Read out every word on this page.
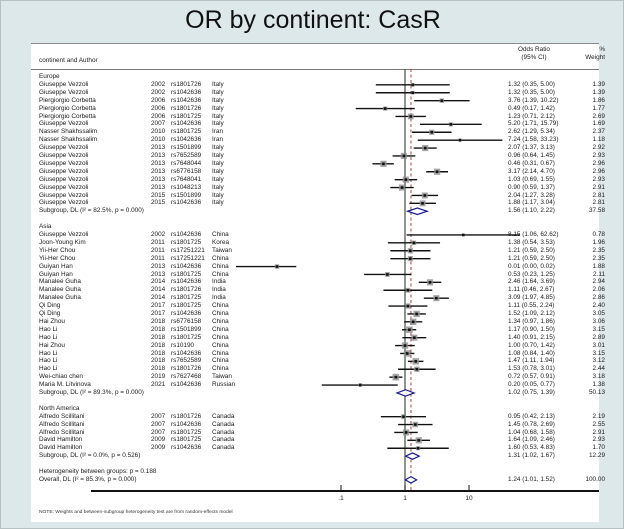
OR by continent: CasR
continent and Author
Odds Ratio
(95% CI)
%
Weight
.1	1	10
Europe
Giuseppe Vezzoli	2002 rs1801726 Italy	1.32 (0.35, 5.00)	1.39
Giuseppe Vezzoli	2002 rs1042636 Italy	1.32 (0.35, 5.00)	1.39
Piergiorgio Corbetta	2006 rs1042636 Italy	3.76 (1.39, 10.22)	1.86
Piergiorgio Corbetta	2006 rs1801726 Italy	0.49 (0.17, 1.42)	1.77
Piergiorgio Corbetta	2006 rs1801725 Italy	1.23 (0.71, 2.12)	2.69
Giuseppe Vezzoli	2007 rs1042636 Italy	5.20 (1.71, 15.79)	1.69
Nasser Shakhssalim	2010 rs1801725 Iran	2.62 (1.29, 5.34)	2.37
Nasser Shakhssalim	2010 rs1042636 Iran	7.24 (1.58, 33.23)	1.18
Giuseppe Vezzoli	2013 rs1501899 Italy	2.07 (1.37, 3.13)	2.92
Giuseppe Vezzoli	2013 rs7652589 Italy	0.96 (0.64, 1.45)	2.93
Giuseppe Vezzoli	2013 rs7648044 Italy	0.46 (0.31, 0.67)	2.96
Giuseppe Vezzoli	2013 rs6776158 Italy	3.17 (2.14, 4.70)	2.96
Giuseppe Vezzoli	2013 rs7648041 Italy	1.03 (0.69, 1.55)	2.93
Giuseppe Vezzoli	2013 rs1048213 Italy	0.90 (0.59, 1.37)	2.91
Giuseppe Vezzoli	2015 rs1501899 Italy	2.04 (1.27, 3.28)	2.81
Giuseppe Vezzoli	2015 rs1042636 Italy	1.88 (1.17, 3.04)	2.81
Subgroup, DL (I² = 82.5%, p = 0.000)	1.56 (1.10, 2.22)	37.58
Asia
Giuseppe Vezzoli	2002 rs1042636 China	8.15 (1.06, 62.62)	0.78
Joon-Young Kim	2011 rs1801725 Korea	1.38 (0.54, 3.53)	1.96
Yii-Her Chou	2011 rs17251221 Taiwan	1.21 (0.59, 2.50)	2.35
Yii-Her Chou	2011 rs17251221 China	1.21 (0.59, 2.50)	2.35
Guiyan Han	2013 rs1042636 China	0.01 (0.00, 0.02)	1.88
Guiyan Han	2013 rs1801725 China	0.53 (0.23, 1.25)	2.11
Manalee Guha	2014 rs1042636 India	2.46 (1.64, 3.69)	2.94
Manalee Guha	2014 rs1801726 India	1.11 (0.46, 2.67)	2.06
Manalee Guha	2014 rs1801725 India	3.09 (1.97, 4.85)	2.86
Qi Ding	2017 rs1801725 China	1.11 (0.55, 2.24)	2.40
Qi Ding	2017 rs1042636 China	1.52 (1.09, 2.12)	3.05
Hai Zhou	2018 rs6776158 China	1.34 (0.97, 1.86)	3.06
Hao Li	2018 rs1501899 China	1.17 (0.90, 1.50)	3.15
Hao Li	2018 rs1801725 China	1.40 (0.91, 2.15)	2.89
Hai Zhou	2018 rs10190	China	1.00 (0.70, 1.42)	3.01
Hao Li	2018 rs1042636 China	1.08 (0.84, 1.40)	3.15
Hao Li	2018 rs7652589 China	1.47 (1.11, 1.94)	3.12
Hao Li	2018 rs1801726 China	1.53 (0.78, 3.01)	2.44
Wei-chiao chen	2019 rs7627468 Taiwan	0.72 (0.57, 0.91)	3.18
Maria M. Litvinova	2021 rs1042636 Russian	0.20 (0.05, 0.77)	1.38
Subgroup, DL (I² = 89.3%, p = 0.000)	1.02 (0.75, 1.39)	50.13
North America
Alfredo Scillitani	2007 rs1801726 Canada	0.95 (0.42, 2.13)	2.19
Alfredo Scillitani	2007 rs1042636 Canada	1.45 (0.78, 2.69)	2.55
Alfredo Scillitani	2007 rs1801725 Canada	1.04 (0.68, 1.58)	2.91
David Hamilton	2009 rs1801725 Canada	1.64 (1.09, 2.46)	2.93
David Hamilton	2009 rs1042636 Canada	1.60 (0.53, 4.83)	1.70
Subgroup, DL (I² = 0.0%, p = 0.526)	1.31 (1.02, 1.67)	12.29
Heterogeneity between groups: p = 0.188
Overall, DL (I² = 85.3%, p = 0.000)	1.24 (1.01, 1.52)	100.00
NOTE: Weights and between-subgroup heterogeneity test are from random-effects model
